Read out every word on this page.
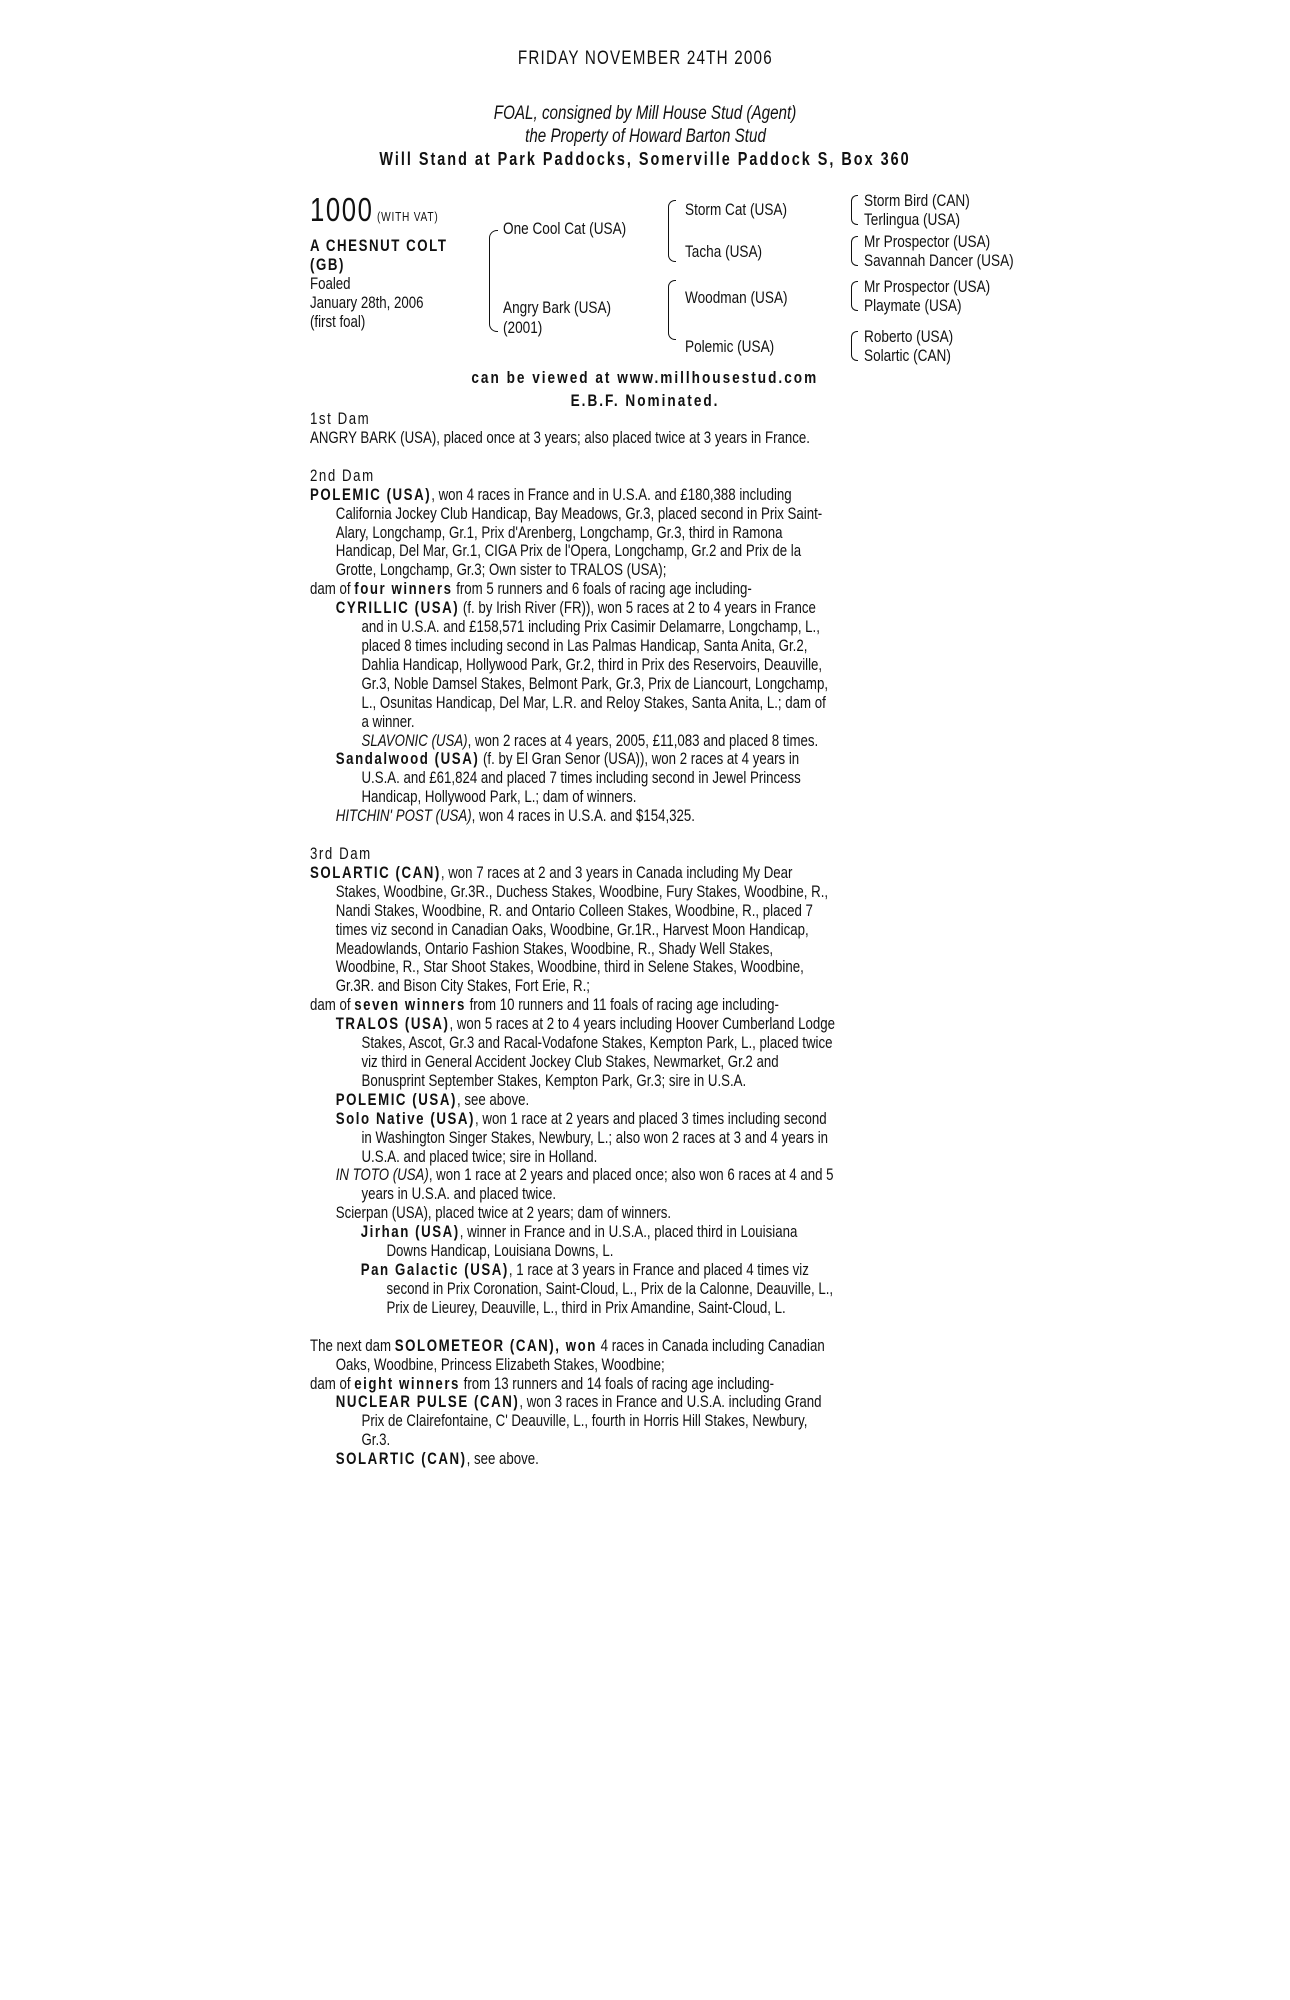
FRIDAY NOVEMBER 24TH 2006
FOAL, consigned by Mill House Stud (Agent)
the Property of Howard Barton Stud
Will Stand at Park Paddocks, Somerville Paddock S, Box 360
1000 (WITH VAT)
A CHESNUT COLT
(GB)
Foaled
January 28th, 2006
(first foal)
One Cool Cat (USA)
Angry Bark (USA)
(2001)
Storm Cat (USA)
Tacha (USA)
Woodman (USA)
Polemic (USA)
Storm Bird (CAN)
Terlingua (USA)
Mr Prospector (USA)
Savannah Dancer (USA)
Mr Prospector (USA)
Playmate (USA)
Roberto (USA)
Solartic (CAN)
can be viewed at www.millhousestud.com
E.B.F. Nominated.

1st Dam

ANGRY BARK (USA), placed once at 3 years; also placed twice at 3 years in France.

2nd Dam

POLEMIC (USA), won 4 races in France and in U.S.A. and £180,388 including California Jockey Club Handicap, Bay Meadows, Gr.3, placed second in Prix Saint-Alary, Longchamp, Gr.1, Prix d'Arenberg, Longchamp, Gr.3, third in Ramona Handicap, Del Mar, Gr.1, CIGA Prix de l'Opera, Longchamp, Gr.2 and Prix de la Grotte, Longchamp, Gr.3; Own sister to TRALOS (USA);

dam of four winners from 5 runners and 6 foals of racing age including-

CYRILLIC (USA) (f. by Irish River (FR)), won 5 races at 2 to 4 years in France and in U.S.A. and £158,571 including Prix Casimir Delamarre, Longchamp, L., placed 8 times including second in Las Palmas Handicap, Santa Anita, Gr.2, Dahlia Handicap, Hollywood Park, Gr.2, third in Prix des Reservoirs, Deauville, Gr.3, Noble Damsel Stakes, Belmont Park, Gr.3, Prix de Liancourt, Longchamp, L., Osunitas Handicap, Del Mar, L.R. and Reloy Stakes, Santa Anita, L.; dam of a winner.

SLAVONIC (USA), won 2 races at 4 years, 2005, £11,083 and placed 8 times.

Sandalwood (USA) (f. by El Gran Senor (USA)), won 2 races at 4 years in U.S.A. and £61,824 and placed 7 times including second in Jewel Princess Handicap, Hollywood Park, L.; dam of winners.

HITCHIN' POST (USA), won 4 races in U.S.A. and $154,325.

3rd Dam

SOLARTIC (CAN), won 7 races at 2 and 3 years in Canada including My Dear Stakes, Woodbine, Gr.3R., Duchess Stakes, Woodbine, Fury Stakes, Woodbine, R., Nandi Stakes, Woodbine, R. and Ontario Colleen Stakes, Woodbine, R., placed 7 times viz second in Canadian Oaks, Woodbine, Gr.1R., Harvest Moon Handicap, Meadowlands, Ontario Fashion Stakes, Woodbine, R., Shady Well Stakes, Woodbine, R., Star Shoot Stakes, Woodbine, third in Selene Stakes, Woodbine, Gr.3R. and Bison City Stakes, Fort Erie, R.;

dam of seven winners from 10 runners and 11 foals of racing age including-

TRALOS (USA), won 5 races at 2 to 4 years including Hoover Cumberland Lodge Stakes, Ascot, Gr.3 and Racal-Vodafone Stakes, Kempton Park, L., placed twice viz third in General Accident Jockey Club Stakes, Newmarket, Gr.2 and Bonusprint September Stakes, Kempton Park, Gr.3; sire in U.S.A.

POLEMIC (USA), see above.

Solo Native (USA), won 1 race at 2 years and placed 3 times including second in Washington Singer Stakes, Newbury, L.; also won 2 races at 3 and 4 years in U.S.A. and placed twice; sire in Holland.

IN TOTO (USA), won 1 race at 2 years and placed once; also won 6 races at 4 and 5 years in U.S.A. and placed twice.

Scierpan (USA), placed twice at 2 years; dam of winners.

Jirhan (USA), winner in France and in U.S.A., placed third in Louisiana Downs Handicap, Louisiana Downs, L.

Pan Galactic (USA), 1 race at 3 years in France and placed 4 times viz second in Prix Coronation, Saint-Cloud, L., Prix de la Calonne, Deauville, L., Prix de Lieurey, Deauville, L., third in Prix Amandine, Saint-Cloud, L.

The next dam SOLOMETEOR (CAN), won 4 races in Canada including Canadian Oaks, Woodbine, Princess Elizabeth Stakes, Woodbine;

dam of eight winners from 13 runners and 14 foals of racing age including-

NUCLEAR PULSE (CAN), won 3 races in France and U.S.A. including Grand Prix de Clairefontaine, C' Deauville, L., fourth in Horris Hill Stakes, Newbury, Gr.3.

SOLARTIC (CAN), see above.
